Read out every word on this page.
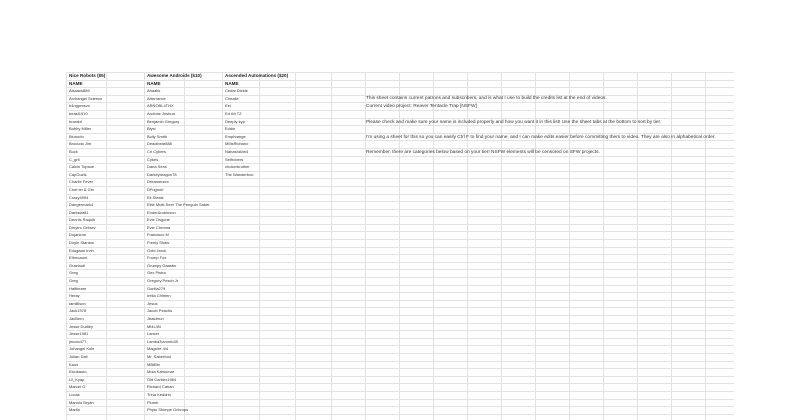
Nice Robots ($5)		Awesome Androids ($10)		Ascended Automations ($20)														
NAME		NAME		NAME														
Aisaacs889		Ahaaks		Cedar Dickie														
Archangel Science		Arterrance		Cheaile														
b4ngpresvo		ARNOBL4THX		Eei														
beast1910		Archote Joshua		Ed Att TZ														
brandxl		Benjamin Gregory		Deeply kyp														
Bobby Miller		Blyst		Eddie														
Blunodo		Bolly Smith		Emphrange														
Brocudo Jim		Deacibear888		MMsRichano														
Buck		Cri Cybers		NahashAbb4														
C_grit		Cykes		Selfrobers														
Calvin Topsoe		Dana Sens		chokerbrother														
CapGuzik		Darkeydragon78		The Wanderboo														
Charlie Fever		Dreamerzex																
Chet tin & Gin		DFugnob																
Crazy4994		Eli Stealz																
Dangermark4		Elite Multi-Seer The Penguin Saber																
Darkstar81		Ender&robinson																
Dennis Raquik		Evie Osgone																
Dmytro Gritsev		Evie Chroma																
Dojanlore		Francisco M																
Doyle Stanton		Freely Shaw																
Edugaan Irvin		Gold 4rock																
Ethnoaunt		Frump Fox																
Graziauti		Grumpy Gaaster																
Greg		Gex Pistra																
Greg		Gregory Pesch Jr																
Halfbeam		Gorilla279																
Heray		Irelia Chimen																
IamBison		Jesus																
Jack1978		Jacob Peachs																
JacBern		Jbaldrrun																
Jesse Dudley		Ml4L4N																
Jesse1981		Lancer																
jmcdo477		Lamba3ovomb45																
Johangel Kole		Maguire 4/4																
Julian Dall		Mr. Saberfoot																
Kaos		MBtBin																
Kicukauto		Mola Karsumar																
Lil_Kyap		Old Carbex1984																
Marcel O		Richard Cahan																
Lucas		Trina Keddrin																
Manolo Bryan		Plumb																
Martin		Phyto Shimpe Ochrops																

This sheet contains current patrons and subscribers, and is what I use to build the credits list at the end of videos.
Current video project: Reaver Tentacle Trap [NSFW]
Please check and make sure your name is included properly and how you want it in this list! Use the sheet tabs at the bottom to sort by tier.
I'm using a sheet for this so you can easily Ctrl F to find your name, and I can make edits easier before committing them to video. They are also in alphabetical order.
Remember, there are categories below based on your tier! NSFW elements will be censored on SFW projects.
